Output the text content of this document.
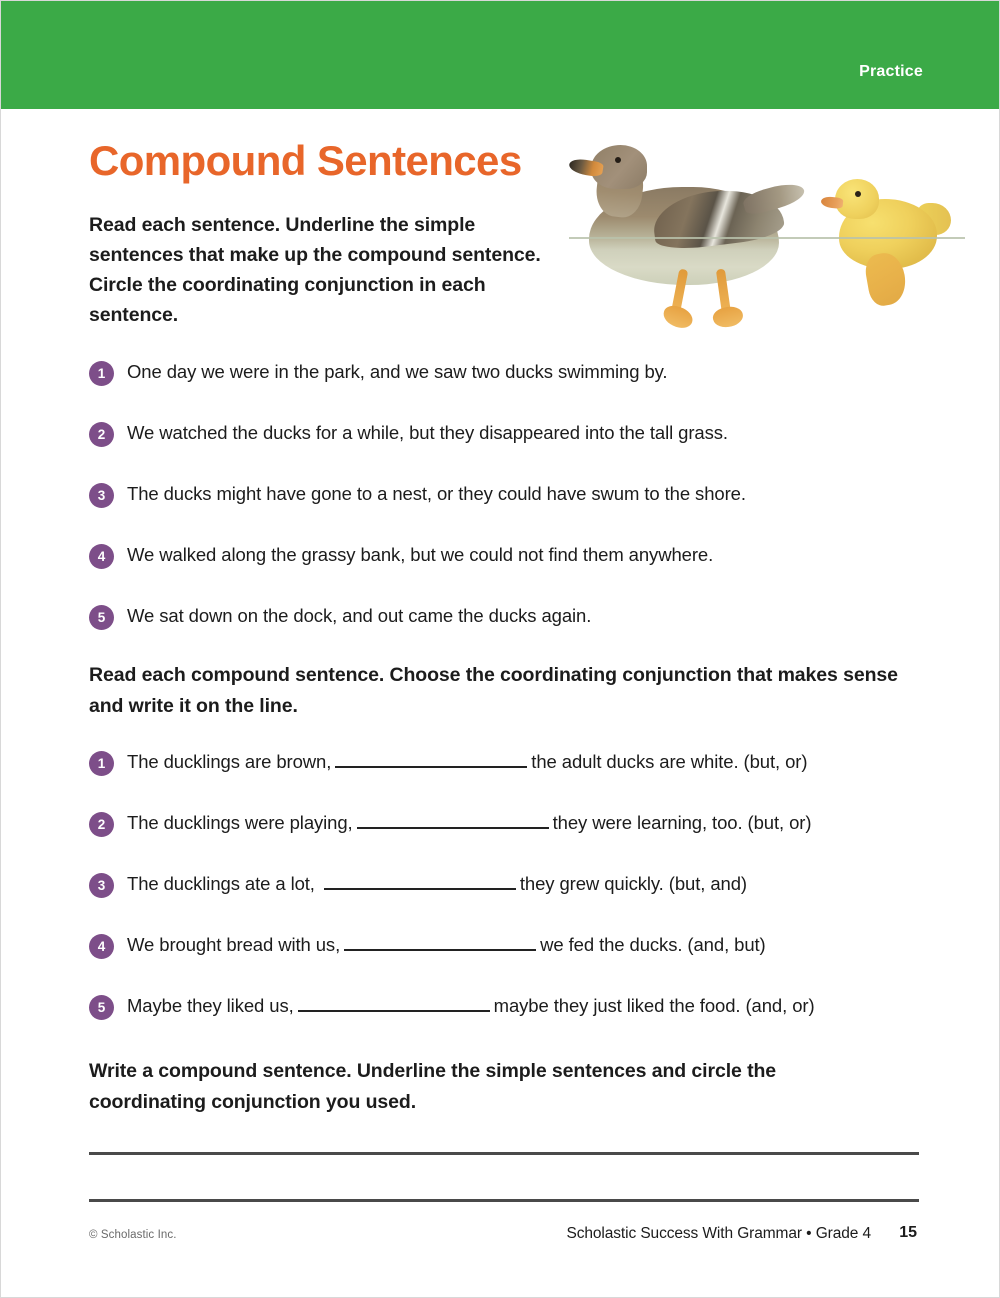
Practice
Compound Sentences
Read each sentence. Underline the simple sentences that make up the compound sentence. Circle the coordinating conjunction in each sentence.
1	One day we were in the park, and we saw two ducks swimming by.
2	We watched the ducks for a while, but they disappeared into the tall grass.
3	The ducks might have gone to a nest, or they could have swum to the shore.
4	We walked along the grassy bank, but we could not find them anywhere.
5	We sat down on the dock, and out came the ducks again.
Read each compound sentence. Choose the coordinating conjunction that makes sense and write it on the line.
1	The ducklings are brown,	the adult ducks are white. (but, or)
2	The ducklings were playing,	they were learning, too. (but, or)
3	The ducklings ate a lot,	they grew quickly. (but, and)
4	We brought bread with us,	we fed the ducks. (and, but)
5	Maybe they liked us,	maybe they just liked the food. (and, or)
Write a compound sentence. Underline the simple sentences and circle the coordinating conjunction you used.
© Scholastic Inc.	Scholastic Success With Grammar • Grade 4 15
